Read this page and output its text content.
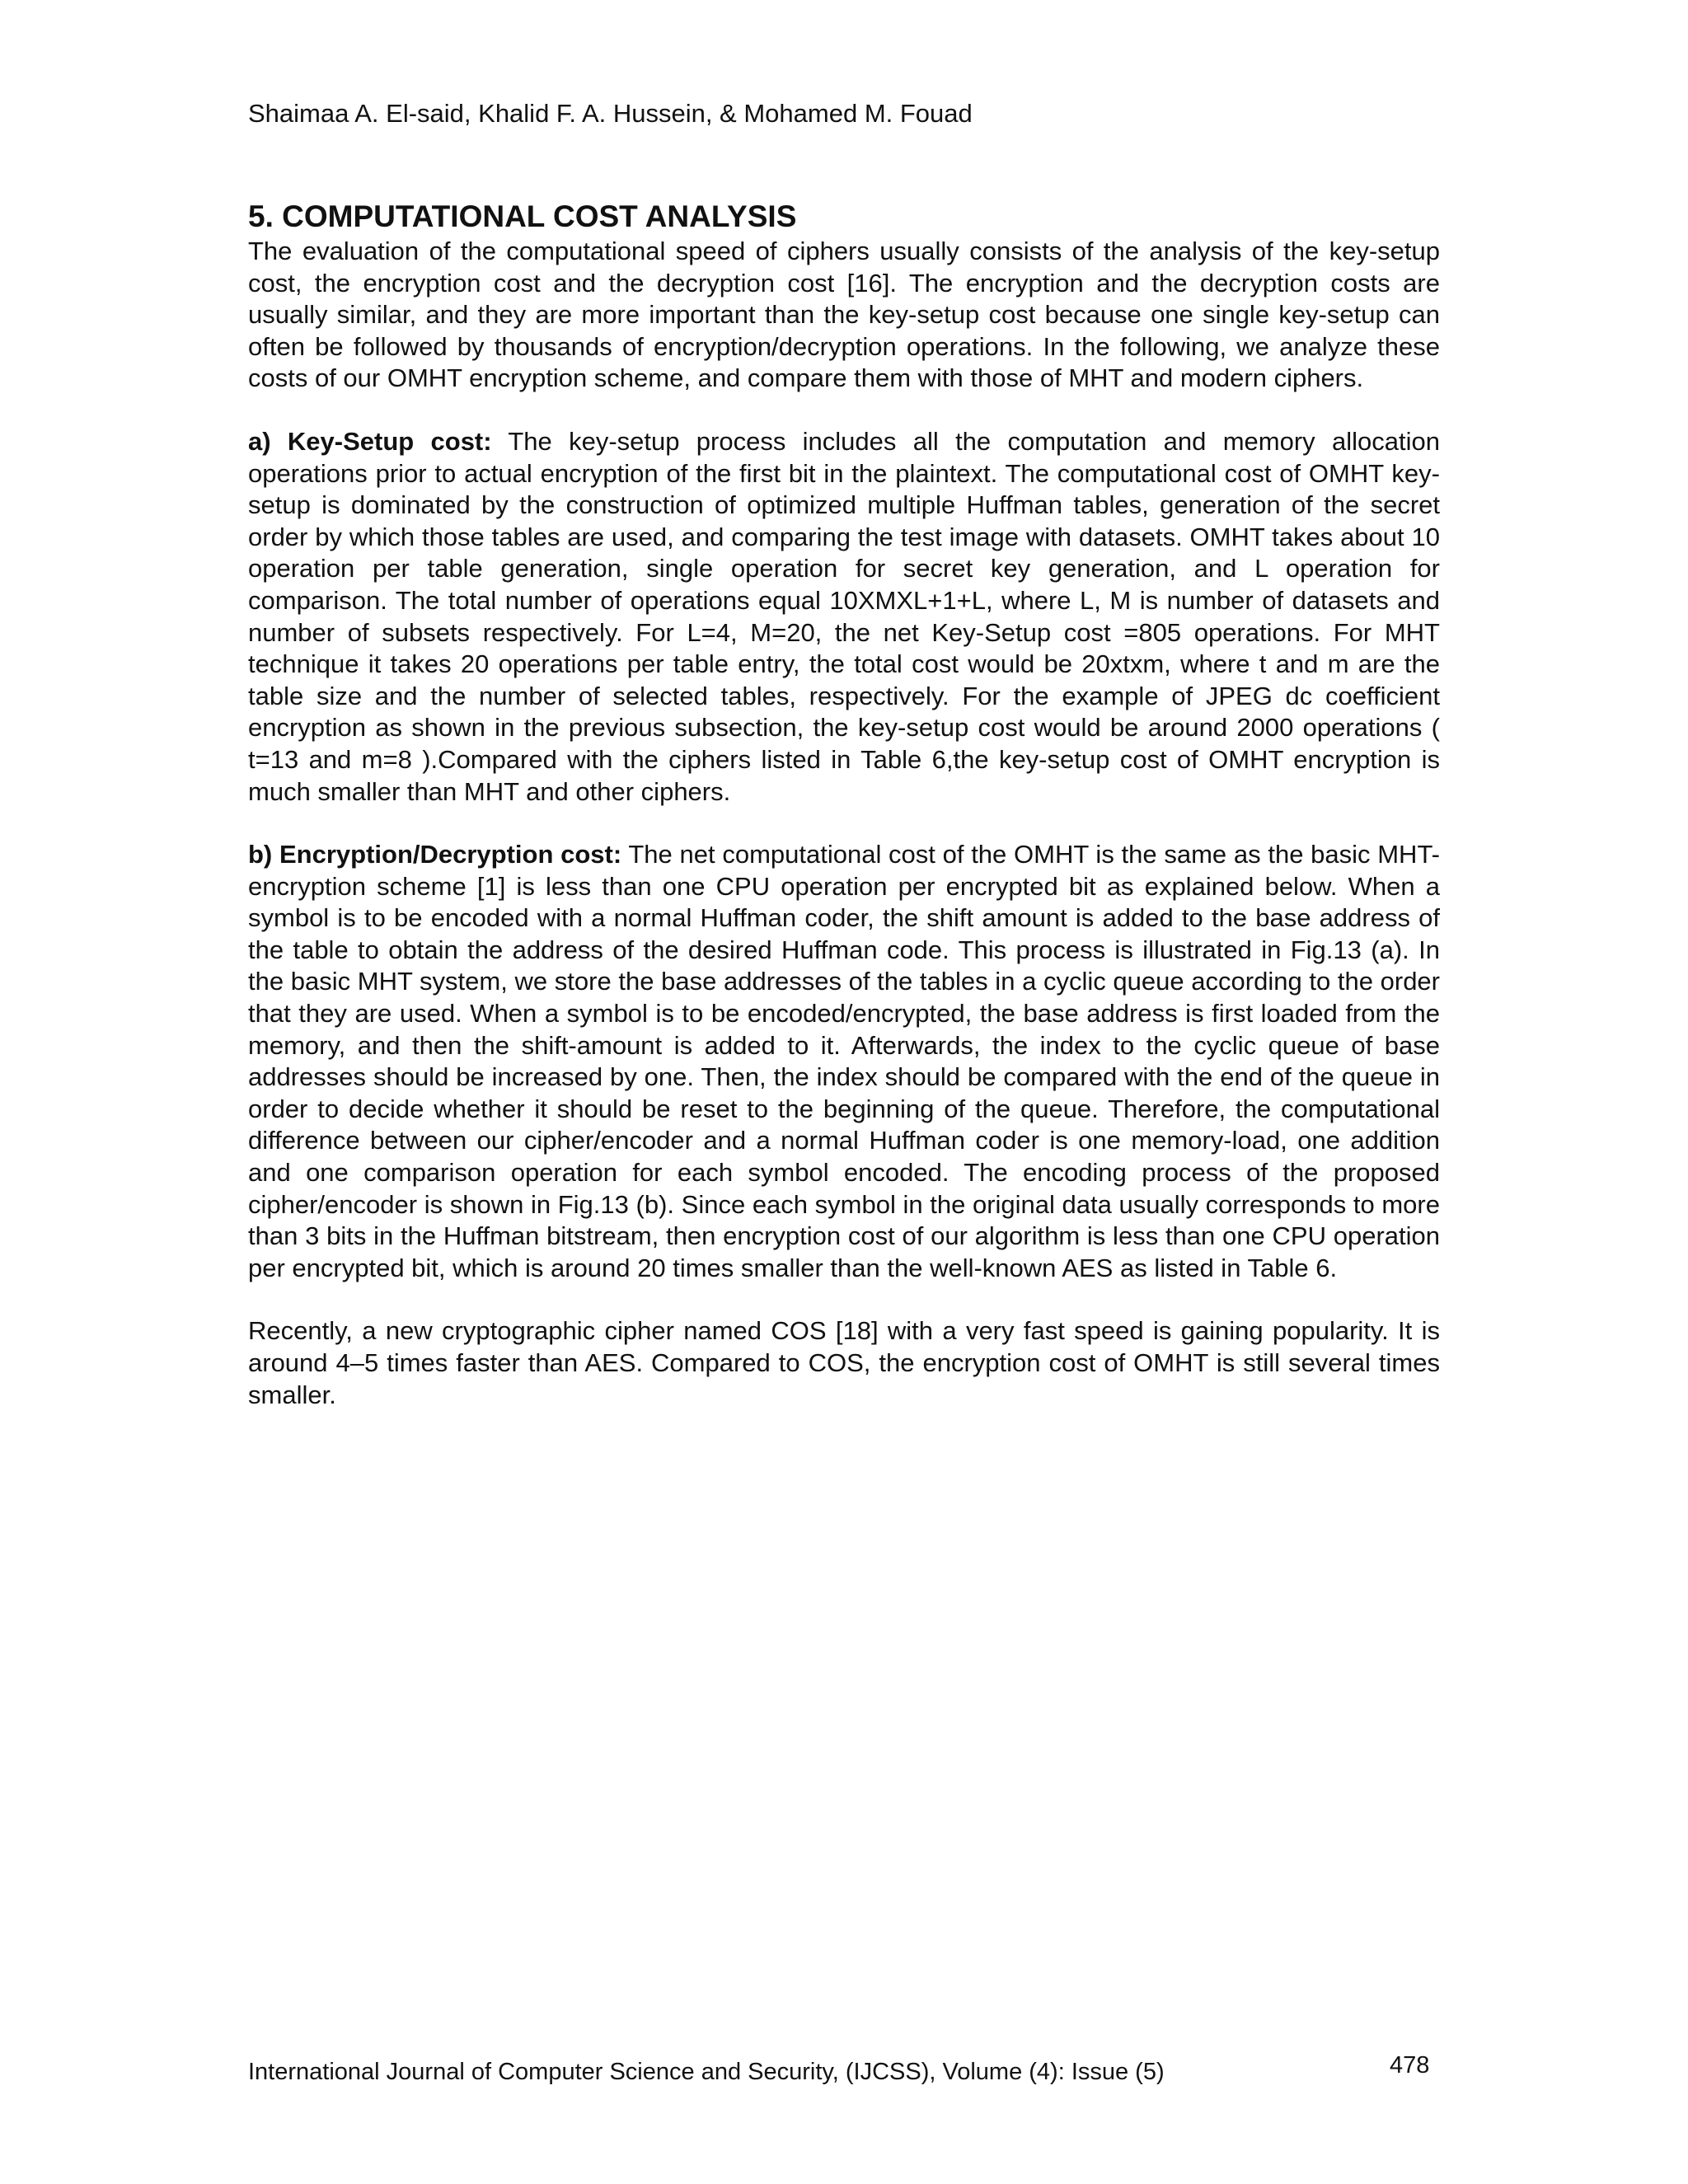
Shaimaa A. El-said, Khalid F. A. Hussein, & Mohamed M. Fouad
5. COMPUTATIONAL COST ANALYSIS

The evaluation of the computational speed of ciphers usually consists of the analysis of the key-setup cost, the encryption cost and the decryption cost [16]. The encryption and the decryption costs are usually similar, and they are more important than the key-setup cost because one single key-setup can often be followed by thousands of encryption/decryption operations. In the following, we analyze these costs of our OMHT encryption scheme, and compare them with those of MHT and modern ciphers.

a) Key-Setup cost: The key-setup process includes all the computation and memory allocation operations prior to actual encryption of the first bit in the plaintext. The computational cost of OMHT key-setup is dominated by the construction of optimized multiple Huffman tables, generation of the secret order by which those tables are used, and comparing the test image with datasets. OMHT takes about 10 operation per table generation, single operation for secret key generation, and L operation for comparison. The total number of operations equal 10XMXL+1+L, where L, M is number of datasets and number of subsets respectively. For L=4, M=20, the net Key-Setup cost =805 operations. For MHT technique it takes 20 operations per table entry, the total cost would be 20xtxm, where t and m are the table size and the number of selected tables, respectively. For the example of JPEG dc coefficient encryption as shown in the previous subsection, the key-setup cost would be around 2000 operations ( t=13 and m=8 ).Compared with the ciphers listed in Table 6,the key-setup cost of OMHT encryption is much smaller than MHT and other ciphers.

b) Encryption/Decryption cost: The net computational cost of the OMHT is the same as the basic MHT-encryption scheme [1] is less than one CPU operation per encrypted bit as explained below. When a symbol is to be encoded with a normal Huffman coder, the shift amount is added to the base address of the table to obtain the address of the desired Huffman code. This process is illustrated in Fig.13 (a). In the basic MHT system, we store the base addresses of the tables in a cyclic queue according to the order that they are used. When a symbol is to be encoded/encrypted, the base address is first loaded from the memory, and then the shift-amount is added to it. Afterwards, the index to the cyclic queue of base addresses should be increased by one. Then, the index should be compared with the end of the queue in order to decide whether it should be reset to the beginning of the queue. Therefore, the computational difference between our cipher/encoder and a normal Huffman coder is one memory-load, one addition and one comparison operation for each symbol encoded. The encoding process of the proposed cipher/encoder is shown in Fig.13 (b). Since each symbol in the original data usually corresponds to more than 3 bits in the Huffman bitstream, then encryption cost of our algorithm is less than one CPU operation per encrypted bit, which is around 20 times smaller than the well-known AES as listed in Table 6.

Recently, a new cryptographic cipher named COS [18] with a very fast speed is gaining popularity. It is around 4–5 times faster than AES. Compared to COS, the encryption cost of OMHT is still several times smaller.

International Journal of Computer Science and Security, (IJCSS), Volume (4): Issue (5)	478
